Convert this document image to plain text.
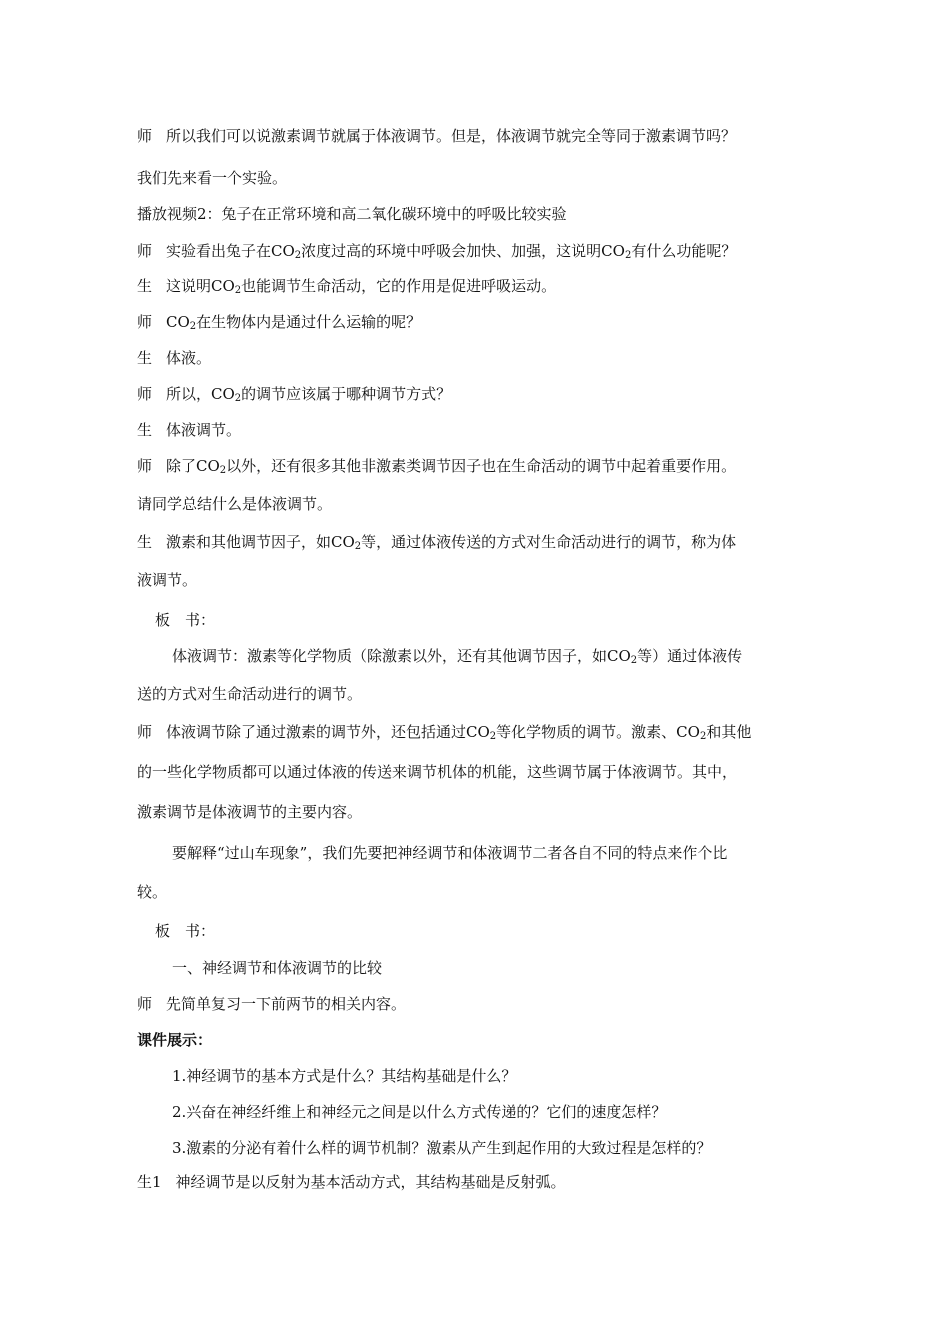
师 所以我们可以说激素调节就属于体液调节。但是，体液调节就完全等同于激素调节吗？
我们先来看一个实验。
播放视频2：兔子在正常环境和高二氧化碳环境中的呼吸比较实验
师 实验看出兔子在$CO_2$浓度过高的环境中呼吸会加快、加强，这说明$CO_2$有什么功能呢？
生 这说明$CO_2$也能调节生命活动，它的作用是促进呼吸运动。
师 $CO_2$在生物体内是通过什么运输的呢？
生 体液。
师 所以，$CO_2$的调节应该属于哪种调节方式？
生 体液调节。
师 除了$CO_2$以外，还有很多其他非激素类调节因子也在生命活动的调节中起着重要作用。
请同学总结什么是体液调节。
生 激素和其他调节因子，如$CO_2$等，通过体液传送的方式对生命活动进行的调节，称为体
液调节。
板　书：
体液调节：激素等化学物质（除激素以外，还有其他调节因子，如$CO_2$等）通过体液传
送的方式对生命活动进行的调节。
师 体液调节除了通过激素的调节外，还包括通过$CO_2$等化学物质的调节。激素、$CO_2$和其他
的一些化学物质都可以通过体液的传送来调节机体的机能，这些调节属于体液调节。其中，
激素调节是体液调节的主要内容。
要解释“过山车现象”，我们先要把神经调节和体液调节二者各自不同的特点来作个比
较。
板　书：
一、神经调节和体液调节的比较
师 先简单复习一下前两节的相关内容。
课件展示：
1.神经调节的基本方式是什么？其结构基础是什么？
2.兴奋在神经纤维上和神经元之间是以什么方式传递的？它们的速度怎样？
3.激素的分泌有着什么样的调节机制？激素从产生到起作用的大致过程是怎样的？
生1 神经调节是以反射为基本活动方式，其结构基础是反射弧。
